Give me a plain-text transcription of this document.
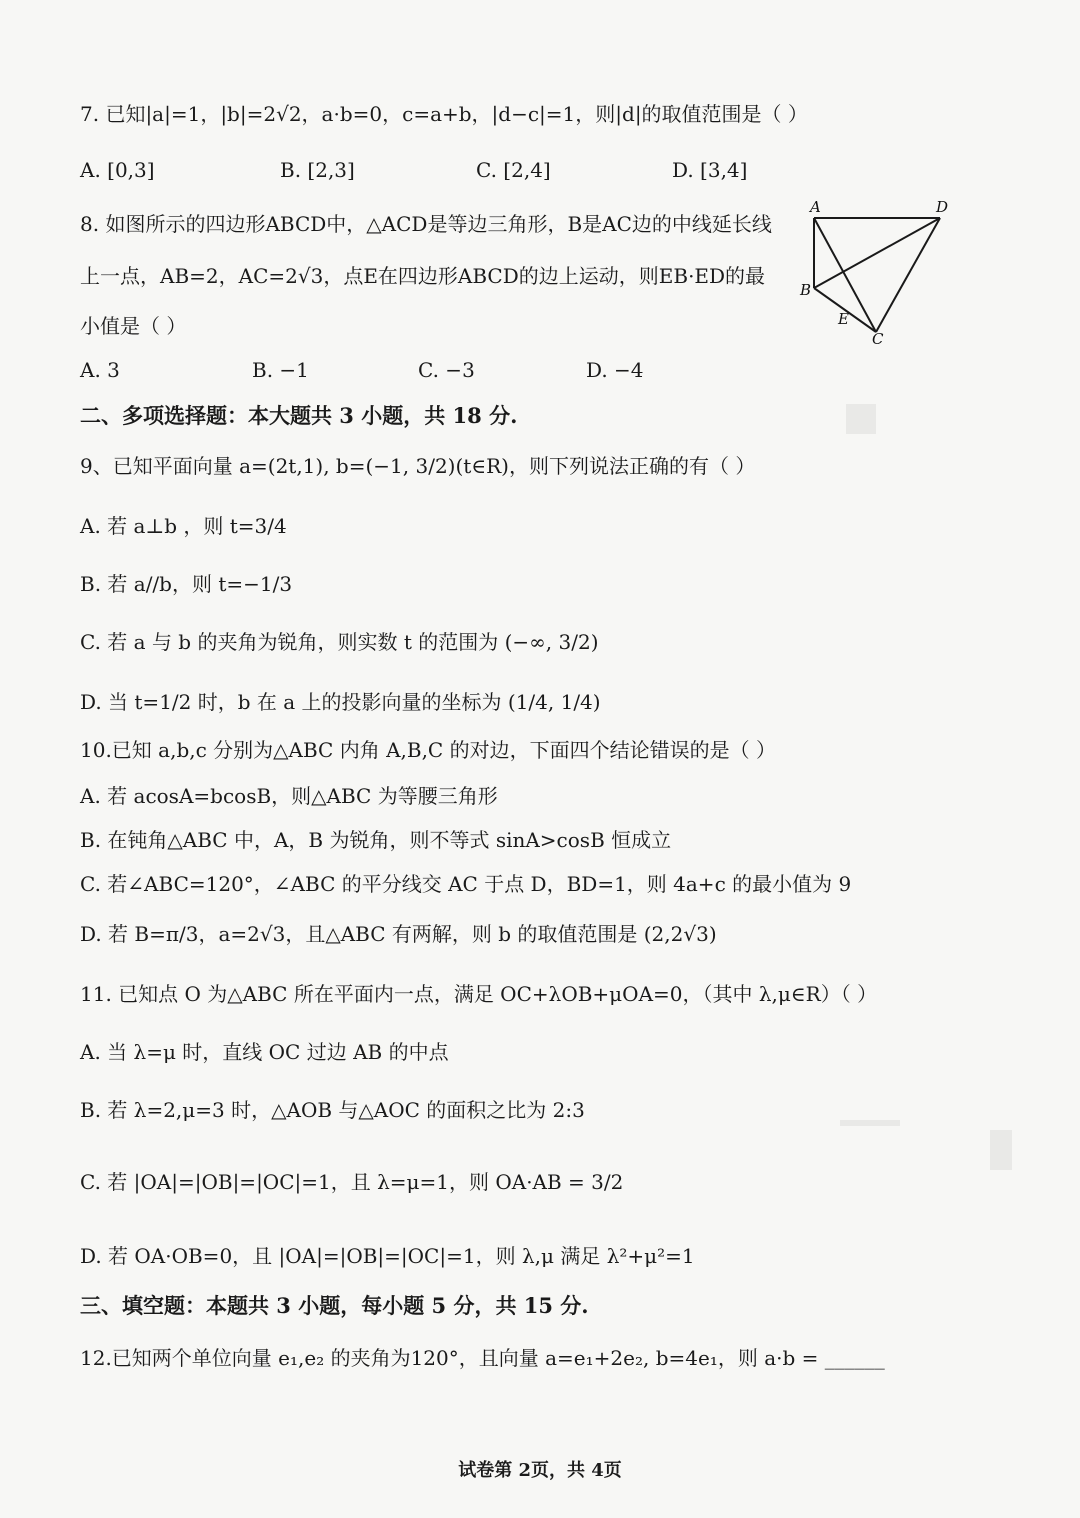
7. 已知|a|=1，|b|=2√2，a·b=0，c=a+b，|d−c|=1，则|d|的取值范围是（ ）
A. [0,3]	B. [2,3]	C. [2,4]	D. [3,4]
8. 如图所示的四边形ABCD中，△ACD是等边三角形，B是AC边的中线延长线
上一点，AB=2，AC=2√3，点E在四边形ABCD的边上运动，则EB·ED的最
小值是（ ）
A	D
B
E
C
A. 3	B. −1	C. −3	D. −4
二、多项选择题：本大题共 3 小题，共 18 分.
9、已知平面向量 a=(2t,1), b=(−1, 3/2)(t∈R)，则下列说法正确的有（ ）
A. 若 a⊥b ，则 t=3/4
B. 若 a//b，则 t=−1/3
C. 若 a 与 b 的夹角为锐角，则实数 t 的范围为 (−∞, 3/2)
D. 当 t=1/2 时，b 在 a 上的投影向量的坐标为 (1/4, 1/4)
10.已知 a,b,c 分别为△ABC 内角 A,B,C 的对边，下面四个结论错误的是（ ）
A. 若 acosA=bcosB，则△ABC 为等腰三角形
B. 在钝角△ABC 中，A，B 为锐角，则不等式 sinA>cosB 恒成立
C. 若∠ABC=120°，∠ABC 的平分线交 AC 于点 D，BD=1，则 4a+c 的最小值为 9
D. 若 B=π/3，a=2√3，且△ABC 有两解，则 b 的取值范围是 (2,2√3)
11. 已知点 O 为△ABC 所在平面内一点，满足 OC+λOB+μOA=0，（其中 λ,μ∈R）（ ）
A. 当 λ=μ 时，直线 OC 过边 AB 的中点
B. 若 λ=2,μ=3 时，△AOB 与△AOC 的面积之比为 2:3
C. 若 |OA|=|OB|=|OC|=1，且 λ=μ=1，则 OA·AB = 3/2
D. 若 OA·OB=0，且 |OA|=|OB|=|OC|=1，则 λ,μ 满足 λ²+μ²=1
三、填空题：本题共 3 小题，每小题 5 分，共 15 分.
12.已知两个单位向量 e₁,e₂ 的夹角为120°，且向量 a=e₁+2e₂, b=4e₁，则 a·b = ______
试卷第 2页，共 4页
